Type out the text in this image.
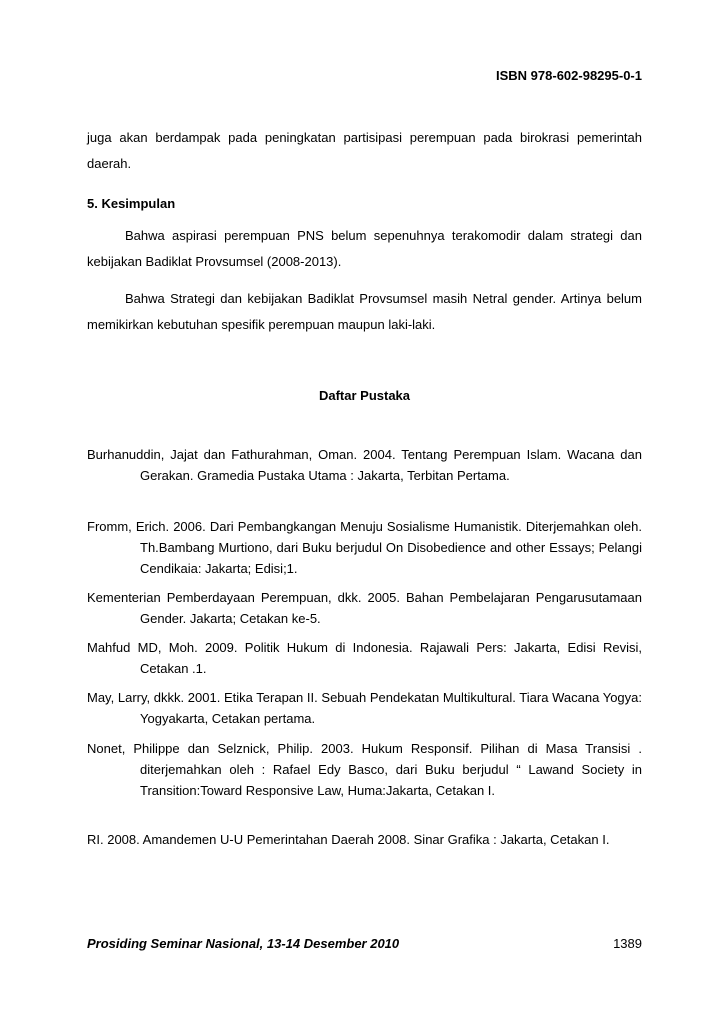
ISBN 978-602-98295-0-1

juga akan berdampak pada peningkatan partisipasi perempuan pada birokrasi pemerintah daerah.

5. Kesimpulan

Bahwa aspirasi perempuan PNS belum sepenuhnya terakomodir dalam strategi dan kebijakan Badiklat Provsumsel (2008-2013).

Bahwa Strategi dan kebijakan Badiklat Provsumsel masih Netral gender. Artinya belum memikirkan kebutuhan spesifik perempuan maupun laki-laki.

Daftar Pustaka

Burhanuddin, Jajat dan Fathurahman, Oman. 2004. Tentang Perempuan Islam. Wacana dan Gerakan. Gramedia Pustaka Utama : Jakarta, Terbitan Pertama.

Fromm, Erich. 2006. Dari Pembangkangan Menuju Sosialisme Humanistik. Diterjemahkan oleh. Th.Bambang Murtiono, dari Buku berjudul On Disobedience and other Essays; Pelangi Cendikaia: Jakarta; Edisi;1.

Kementerian Pemberdayaan Perempuan, dkk. 2005. Bahan Pembelajaran Pengarusutamaan Gender. Jakarta; Cetakan ke-5.

Mahfud MD, Moh. 2009. Politik Hukum di Indonesia. Rajawali Pers: Jakarta, Edisi Revisi, Cetakan .1.

May, Larry, dkkk. 2001. Etika Terapan II. Sebuah Pendekatan Multikultural. Tiara Wacana Yogya: Yogyakarta, Cetakan pertama.

Nonet, Philippe dan Selznick, Philip. 2003. Hukum Responsif. Pilihan di Masa Transisi . diterjemahkan oleh : Rafael Edy Basco, dari Buku berjudul “ Lawand Society in Transition:Toward Responsive Law, Huma:Jakarta, Cetakan I.

RI. 2008. Amandemen U-U Pemerintahan Daerah 2008. Sinar Grafika : Jakarta, Cetakan I.

Prosiding Seminar Nasional, 13-14 Desember 2010	1389
